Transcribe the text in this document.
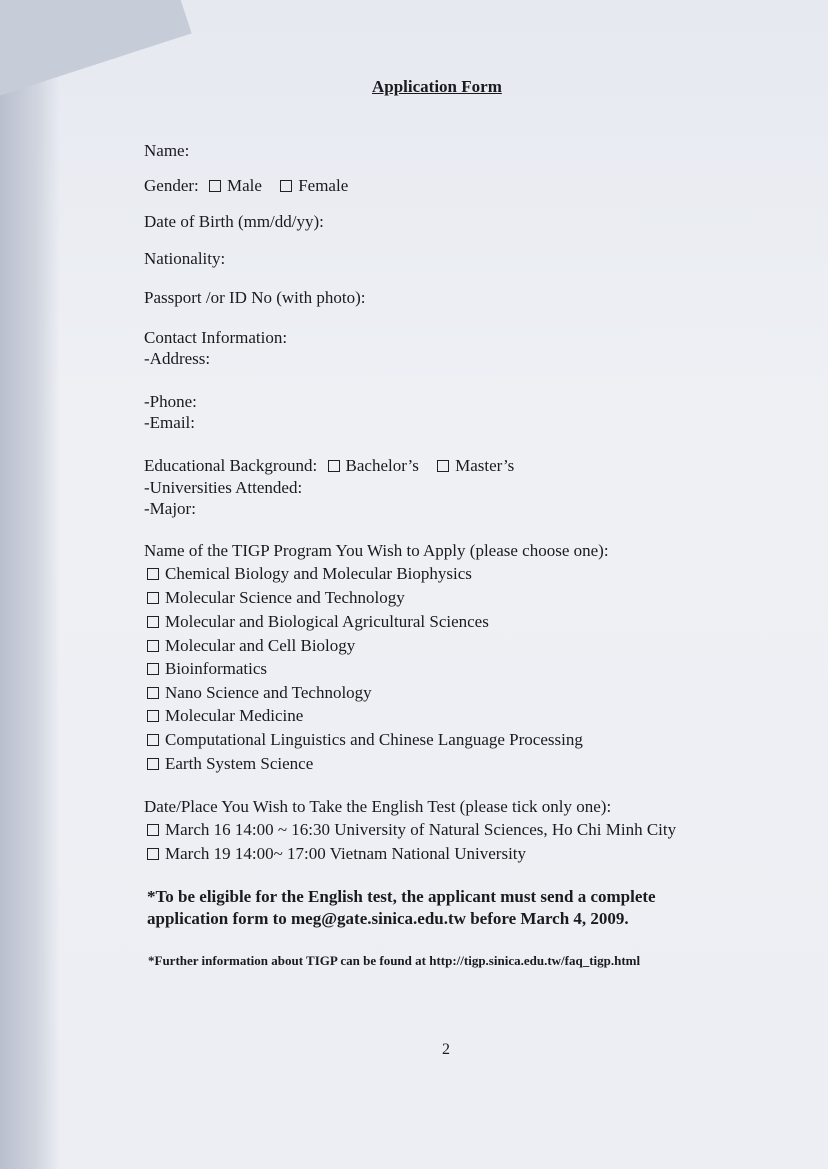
Application Form
Name:
Gender: Male Female
Date of Birth (mm/dd/yy):
Nationality:
Passport /or ID No (with photo):
Contact Information:
-Address:
-Phone:
-Email:
Educational Background: Bachelor’s Master’s
-Universities Attended:
-Major:
Name of the TIGP Program You Wish to Apply (please choose one):
Chemical Biology and Molecular Biophysics
Molecular Science and Technology
Molecular and Biological Agricultural Sciences
Molecular and Cell Biology
Bioinformatics
Nano Science and Technology
Molecular Medicine
Computational Linguistics and Chinese Language Processing
Earth System Science
Date/Place You Wish to Take the English Test (please tick only one):
March 16 14:00 ~ 16:30 University of Natural Sciences, Ho Chi Minh City
March 19 14:00~ 17:00 Vietnam National University
*To be eligible for the English test, the applicant must send a complete
application form to meg@gate.sinica.edu.tw before March 4, 2009.
*Further information about TIGP can be found at http://tigp.sinica.edu.tw/faq_tigp.html
2
